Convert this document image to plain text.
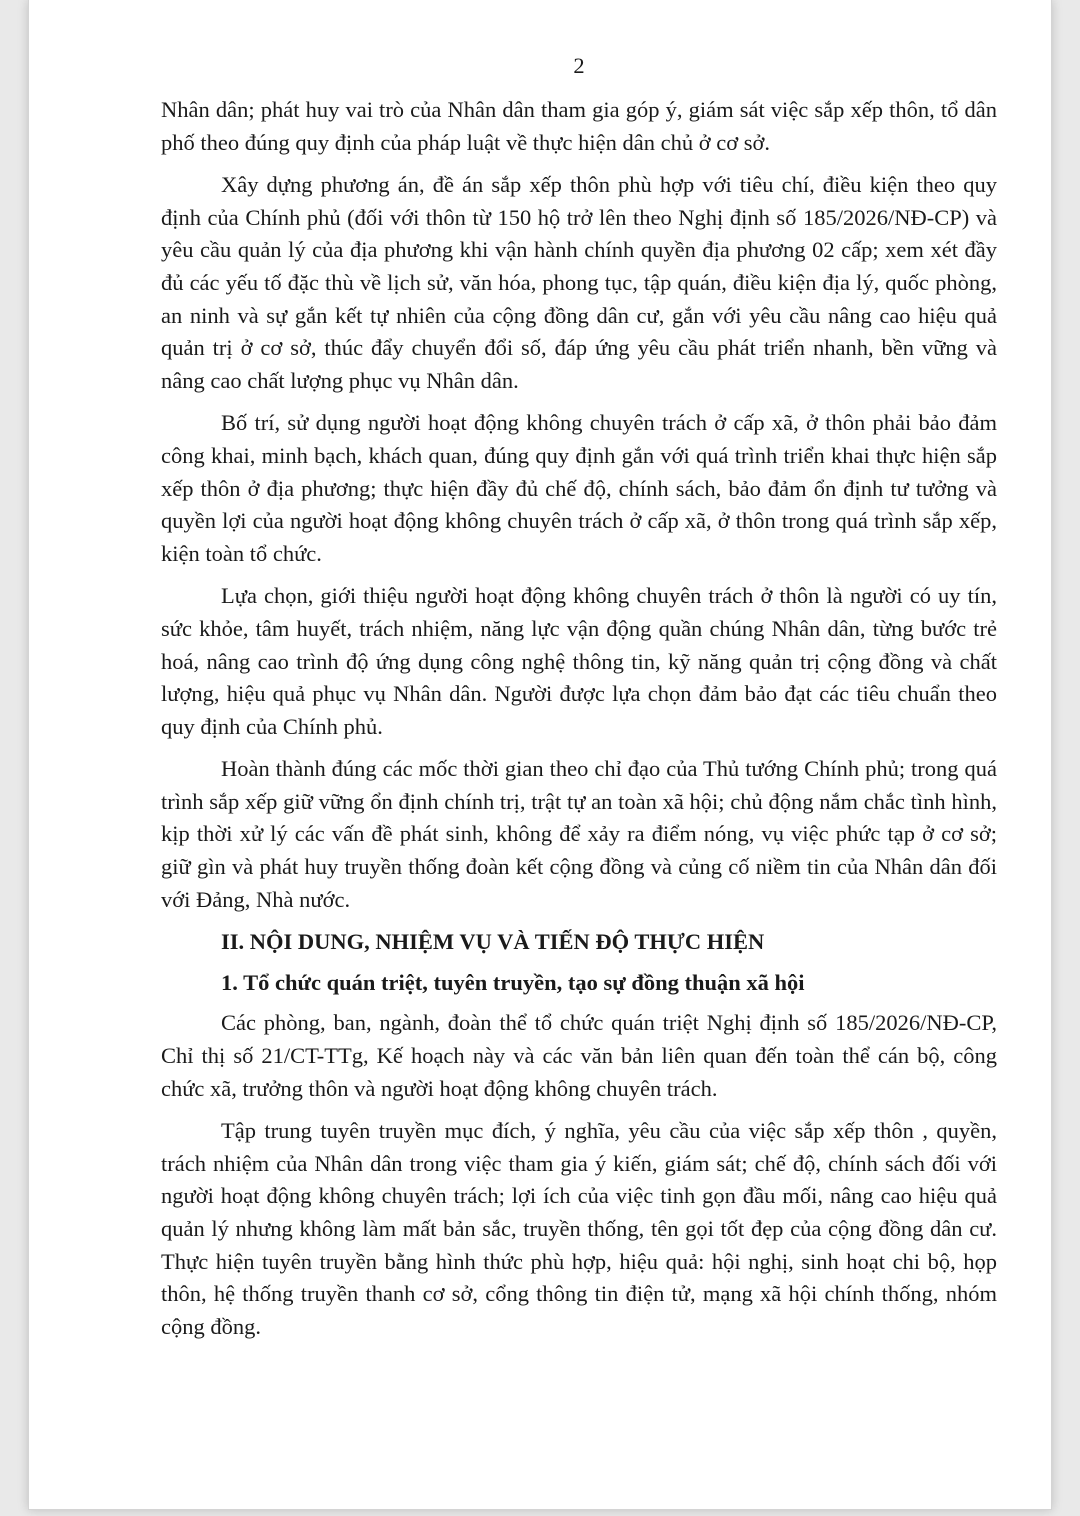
2

Nhân dân; phát huy vai trò của Nhân dân tham gia góp ý, giám sát việc sắp xếp thôn, tổ dân phố theo đúng quy định của pháp luật về thực hiện dân chủ ở cơ sở.

Xây dựng phương án, đề án sắp xếp thôn phù hợp với tiêu chí, điều kiện theo quy định của Chính phủ (đối với thôn từ 150 hộ trở lên theo Nghị định số 185/2026/NĐ-CP) và yêu cầu quản lý của địa phương khi vận hành chính quyền địa phương 02 cấp; xem xét đầy đủ các yếu tố đặc thù về lịch sử, văn hóa, phong tục, tập quán, điều kiện địa lý, quốc phòng, an ninh và sự gắn kết tự nhiên của cộng đồng dân cư, gắn với yêu cầu nâng cao hiệu quả quản trị ở cơ sở, thúc đẩy chuyển đổi số, đáp ứng yêu cầu phát triển nhanh, bền vững và nâng cao chất lượng phục vụ Nhân dân.

Bố trí, sử dụng người hoạt động không chuyên trách ở cấp xã, ở thôn phải bảo đảm công khai, minh bạch, khách quan, đúng quy định gắn với quá trình triển khai thực hiện sắp xếp thôn ở địa phương; thực hiện đầy đủ chế độ, chính sách, bảo đảm ổn định tư tưởng và quyền lợi của người hoạt động không chuyên trách ở cấp xã, ở thôn trong quá trình sắp xếp, kiện toàn tổ chức.

Lựa chọn, giới thiệu người hoạt động không chuyên trách ở thôn là người có uy tín, sức khỏe, tâm huyết, trách nhiệm, năng lực vận động quần chúng Nhân dân, từng bước trẻ hoá, nâng cao trình độ ứng dụng công nghệ thông tin, kỹ năng quản trị cộng đồng và chất lượng, hiệu quả phục vụ Nhân dân. Người được lựa chọn đảm bảo đạt các tiêu chuẩn theo quy định của Chính phủ.

Hoàn thành đúng các mốc thời gian theo chỉ đạo của Thủ tướng Chính phủ; trong quá trình sắp xếp giữ vững ổn định chính trị, trật tự an toàn xã hội; chủ động nắm chắc tình hình, kịp thời xử lý các vấn đề phát sinh, không để xảy ra điểm nóng, vụ việc phức tạp ở cơ sở; giữ gìn và phát huy truyền thống đoàn kết cộng đồng và củng cố niềm tin của Nhân dân đối với Đảng, Nhà nước.

II. NỘI DUNG, NHIỆM VỤ VÀ TIẾN ĐỘ THỰC HIỆN
1. Tổ chức quán triệt, tuyên truyền, tạo sự đồng thuận xã hội

Các phòng, ban, ngành, đoàn thể tổ chức quán triệt Nghị định số 185/2026/NĐ-CP, Chỉ thị số 21/CT-TTg, Kế hoạch này và các văn bản liên quan đến toàn thể cán bộ, công chức xã, trưởng thôn và người hoạt động không chuyên trách.

Tập trung tuyên truyền mục đích, ý nghĩa, yêu cầu của việc sắp xếp thôn , quyền, trách nhiệm của Nhân dân trong việc tham gia ý kiến, giám sát; chế độ, chính sách đối với người hoạt động không chuyên trách; lợi ích của việc tinh gọn đầu mối, nâng cao hiệu quả quản lý nhưng không làm mất bản sắc, truyền thống, tên gọi tốt đẹp của cộng đồng dân cư. Thực hiện tuyên truyền bằng hình thức phù hợp, hiệu quả: hội nghị, sinh hoạt chi bộ, họp thôn, hệ thống truyền thanh cơ sở, cổng thông tin điện tử, mạng xã hội chính thống, nhóm cộng đồng.
